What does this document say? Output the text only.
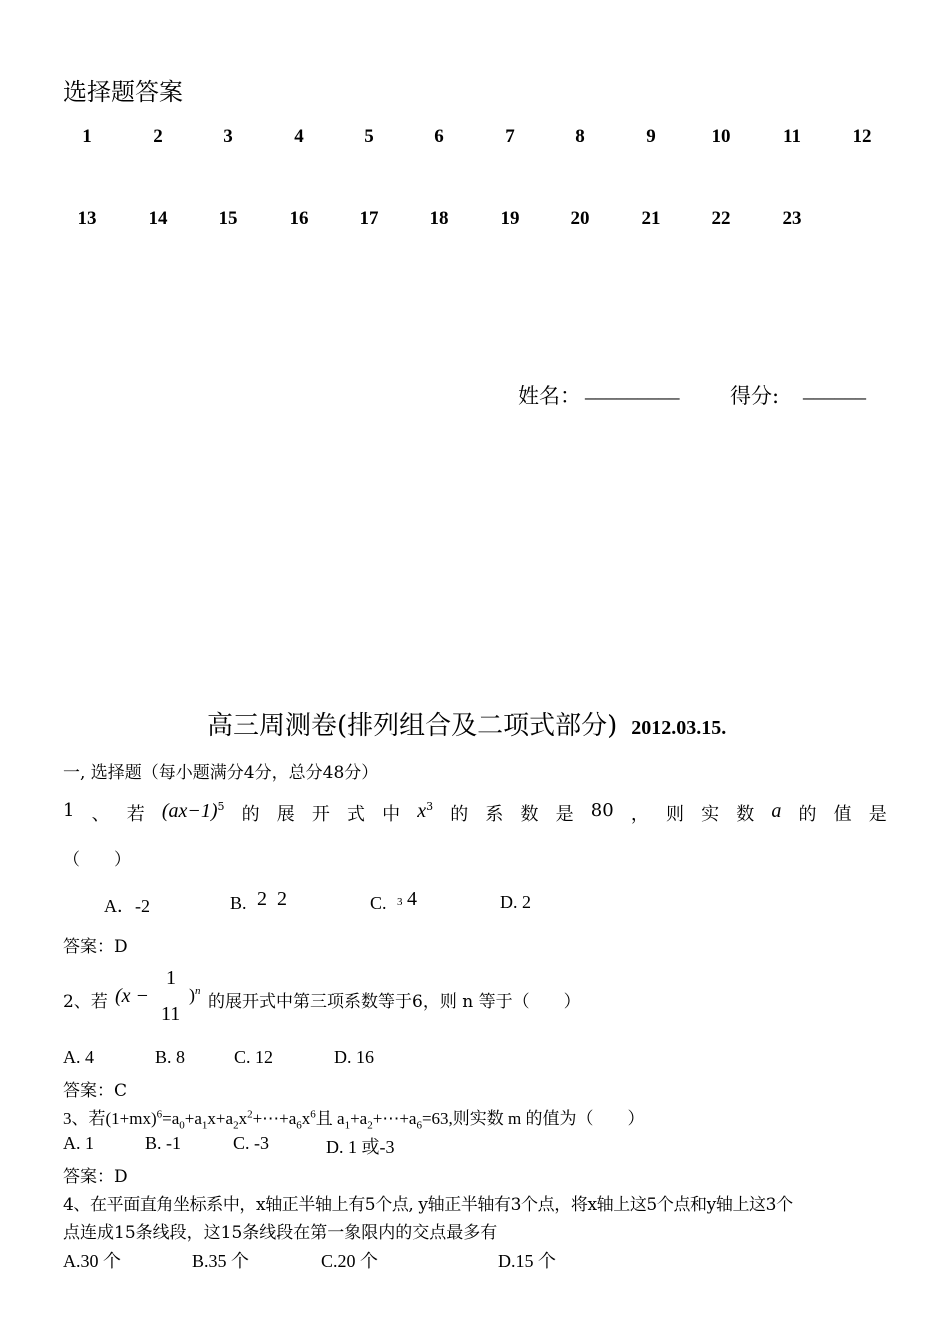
选择题答案
1	2	3	4	5	6	7	8	9	10	11	12
13	14	15	16	17	18	19	20	21	22	23
姓名： _________ 得分: ______
高三周测卷(排列组合及二项式部分) 2012.03.15.
一, 选择题（每小题满分4分，总分48分）
1 、 若 $(ax-1)^5$ 的 展 开 式 中 $x^3$ 的 系 数 是 80 ， 则 实 数 a 的 值 是
（　　）
A．-2	B. 2  2	C. $^3$ 4	D. 2
答案：D
2、若 (x −
1
11
)$^n$
的展开式中第三项系数等于6，则 n 等于（　　）
A. 4	B. 8	C. 12	D. 16
答案：C
3、若$(1+mx)^6=a_0+a_1x+a_2x^2+\cdots+a_6x^6$且 $a_1+a_2+\cdots+a_6=63$,则实数 m 的值为（　　）
A. 1	B. -1	C. -3	D. 1 或-3
答案：D
4、在平面直角坐标系中，x轴正半轴上有5个点, y轴正半轴有3个点，将x轴上这5个点和y轴上这3个
点连成15条线段，这15条线段在第一象限内的交点最多有
A.30 个	B.35 个	C.20 个	D.15 个
